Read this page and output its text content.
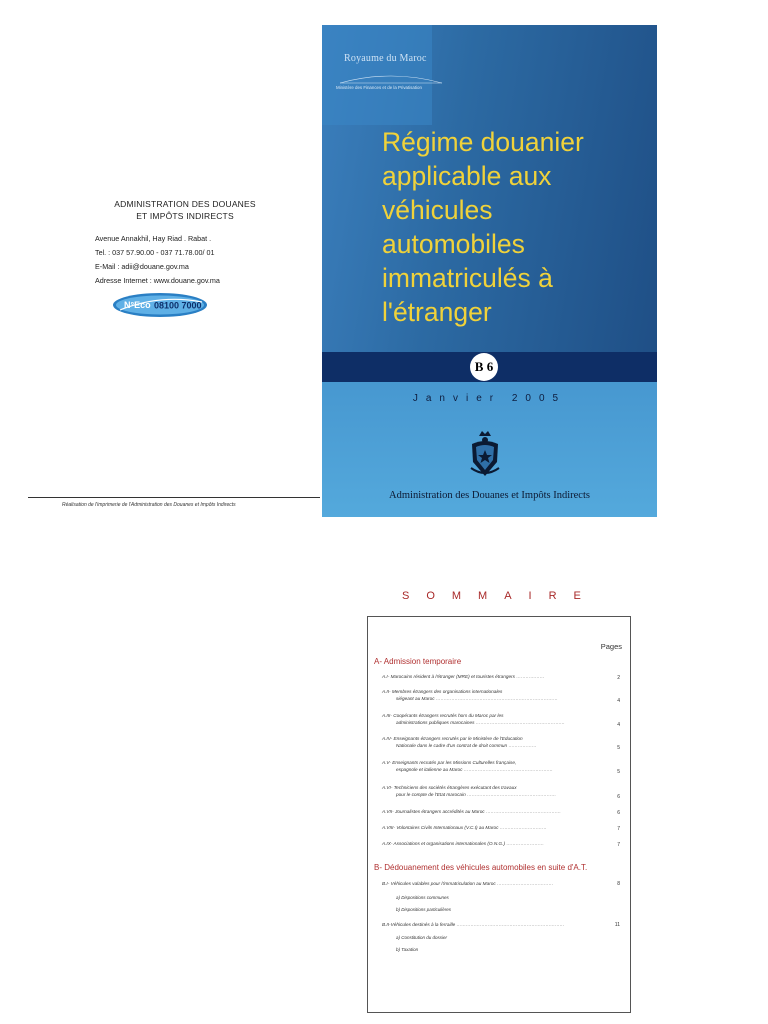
ADMINISTRATION DES DOUANES
ET IMPÔTS INDIRECTS
Avenue Annakhil, Hay Riad . Rabat .
Tel. : 037 57.90.00 - 037 71.78.00/ 01
E-Mail : adii@douane.gov.ma
Adresse Internet : www.douane.gov.ma
N°Eco 08100 7000
Réalisation de l'imprimerie de l'Administration des Douanes et Impôts Indirects
Royaume du Maroc
Ministère des Finances et de la Privatisation
Régime douanier
applicable aux
véhicules
automobiles
immatriculés à
l'étranger
B 6
Janvier 2005
Administration des Douanes et Impôts Indirects
SOMMAIRE
Pages
A- Admission temporaire
A.I- Marocains résident à l'étranger (MRE) et touristes étrangers ………………	2
A.II- Membres étrangers des organisations internationales
siégeant au Maroc ……………………………………………………………………	4
A.III- Coopérants étrangers recrutés hors du Maroc par les
administrations publiques marocaines …………………………………………………	4
A.IV- Enseignants étrangers recrutés par le Ministère de l'Education
Nationale dans le cadre d'un contrat de droit commun ………………	5
A.V- Enseignants recrutés par les Missions Culturelles française,
espagnole et italienne au Maroc …………………………………………………	5
A.VI- Techniciens des sociétés étrangères exécutant des travaux
pour le compte de l'Etat marocain …………………………………………………	6
A.VII- Journalistes étrangers accrédités au Maroc …………………………………………	6
A.VIII- Volontaires Civils Internationaux (V.C.I) au Maroc …………………………	7
A.IX- Associations et organisations internationales (O.N.G.) ……………………	7
B- Dédouanement des véhicules automobiles en suite d'A.T.
B.I- Véhicules valables pour l'immatriculation au Maroc ………………………………	8
a) Dispositions communes
b) Dispositions particulières
B.II-Véhicules destinés à la ferraille ……………………………………………………………	11
a) Constitution du dossier
b) Taxation
